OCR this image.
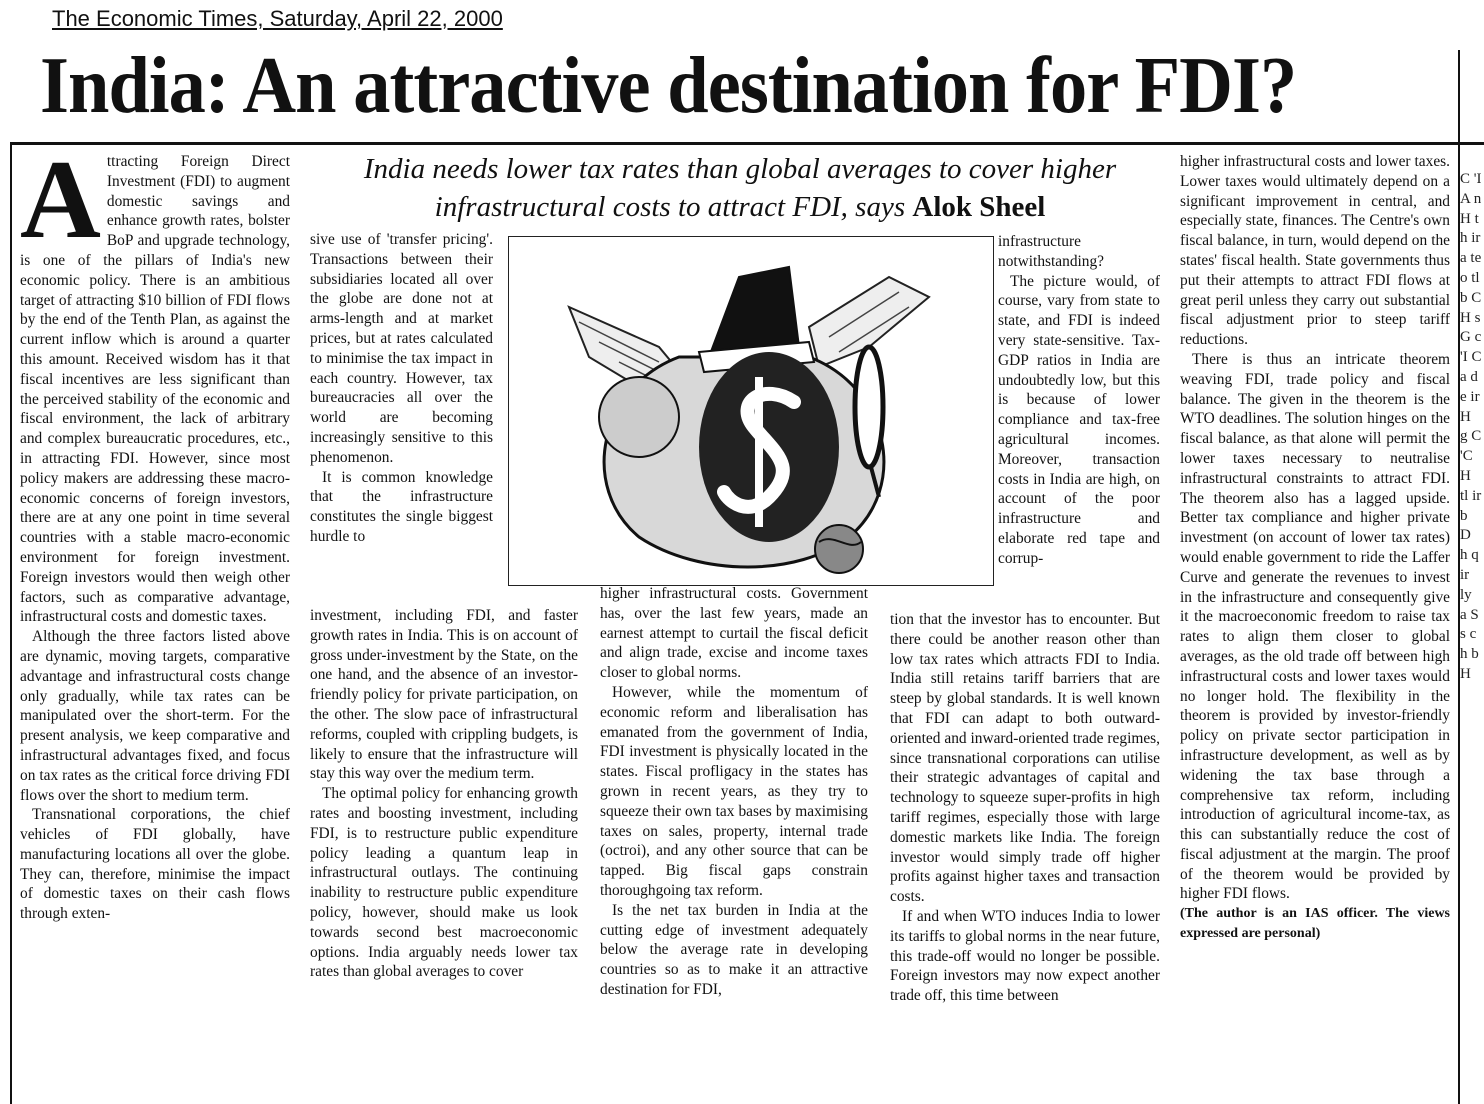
The Economic Times, Saturday, April 22, 2000
India: An attractive destination for FDI?
India needs lower tax rates than global averages to cover higher infrastructural costs to attract FDI, says Alok Sheel
A ttracting Foreign Direct Investment (FDI) to augment domestic savings and enhance growth rates, bolster BoP and upgrade technology, is one of the pillars of India's new economic policy. There is an ambitious target of attracting $10 billion of FDI flows by the end of the Tenth Plan, as against the current inflow which is around a quarter this amount. Received wisdom has it that fiscal incentives are less significant than the perceived stability of the economic and fiscal environment, the lack of arbitrary and complex bureaucratic procedures, etc., in attracting FDI. However, since most policy makers are addressing these macro-economic concerns of foreign investors, there are at any one point in time several countries with a stable macro-economic environment for foreign investment. Foreign investors would then weigh other factors, such as comparative advantage, infrastructural costs and domestic taxes.

Although the three factors listed above are dynamic, moving targets, comparative advantage and infrastructural costs change only gradually, while tax rates can be manipulated over the short-term. For the present analysis, we keep comparative and infrastructural advantages fixed, and focus on tax rates as the critical force driving FDI flows over the short to medium term.

Transnational corporations, the chief vehicles of FDI globally, have manufacturing locations all over the globe. They can, therefore, minimise the impact of domestic taxes on their cash flows through exten-

sive use of 'transfer pricing'. Transactions between their subsidiaries located all over the globe are done not at arms-length and at market prices, but at rates calculated to minimise the tax impact in each country. However, tax bureaucracies all over the world are becoming increasingly sensitive to this phenomenon.

It is common knowledge that the infrastructure constitutes the single biggest hurdle to

investment, including FDI, and faster growth rates in India. This is on account of gross under-investment by the State, on the one hand, and the absence of an investor-friendly policy for private participation, on the other. The slow pace of infrastructural reforms, coupled with crippling budgets, is likely to ensure that the infrastructure will stay this way over the medium term.

The optimal policy for enhancing growth rates and boosting investment, including FDI, is to restructure public expenditure policy leading a quantum leap in infrastructural outlays. The continuing inability to restructure public expenditure policy, however, should make us look towards second best macroeconomic options. India arguably needs lower tax rates than global averages to cover

higher infrastructural costs. Government has, over the last few years, made an earnest attempt to curtail the fiscal deficit and align trade, excise and income taxes closer to global norms.

However, while the momentum of economic reform and liberalisation has emanated from the government of India, FDI investment is physically located in the states. Fiscal profligacy in the states has grown in recent years, as they try to squeeze their own tax bases by maximising taxes on sales, property, internal trade (octroi), and any other source that can be tapped. Big fiscal gaps constrain thoroughgoing tax reform.

Is the net tax burden in India at the cutting edge of investment adequately below the average rate in developing countries so as to make it an attractive destination for FDI,

infrastructure notwithstanding?

The picture would, of course, vary from state to state, and FDI is indeed very state-sensitive. Tax-GDP ratios in India are undoubtedly low, but this is because of lower compliance and tax-free agricultural incomes. Moreover, transaction costs in India are high, on account of the poor infrastructure and elaborate red tape and corrup-

tion that the investor has to encounter. But there could be another reason other than low tax rates which attracts FDI to India. India still retains tariff barriers that are steep by global standards. It is well known that FDI can adapt to both outward-oriented and inward-oriented trade regimes, since transnational corporations can utilise their strategic advantages of capital and technology to squeeze super-profits in high tariff regimes, especially those with large domestic markets like India. The foreign investor would simply trade off higher profits against higher taxes and transaction costs.

If and when WTO induces India to lower its tariffs to global norms in the near future, this trade-off would no longer be possible. Foreign investors may now expect another trade off, this time between

higher infrastructural costs and lower taxes. Lower taxes would ultimately depend on a significant improvement in central, and especially state, finances. The Centre's own fiscal balance, in turn, would depend on the states' fiscal health. State governments thus put their attempts to attract FDI flows at great peril unless they carry out substantial fiscal adjustment prior to steep tariff reductions.

There is thus an intricate theorem weaving FDI, trade policy and fiscal balance. The given in the theorem is the WTO deadlines. The solution hinges on the fiscal balance, as that alone will permit the lower taxes necessary to neutralise infrastructural constraints to attract FDI. The theorem also has a lagged upside. Better tax compliance and higher private investment (on account of lower tax rates) would enable government to ride the Laffer Curve and generate the revenues to invest in the infrastructure and consequently give it the macroeconomic freedom to raise tax rates to align them closer to global averages, as the old trade off between high infrastructural costs and lower taxes would no longer hold. The flexibility in the theorem is provided by investor-friendly policy on private sector participation in infrastructure development, as well as by widening the tax base through a comprehensive tax reform, including introduction of agricultural income-tax, as this can substantially reduce the cost of fiscal adjustment at the margin. The proof of the theorem would be provided by higher FDI flows.

(The author is an IAS officer. The views expressed are personal)

C 'I A n H t h ir a te o tl b C H s G c 'I C a d e ir H g C 'C H tl ir b D h q ir ly a S s c h b H
